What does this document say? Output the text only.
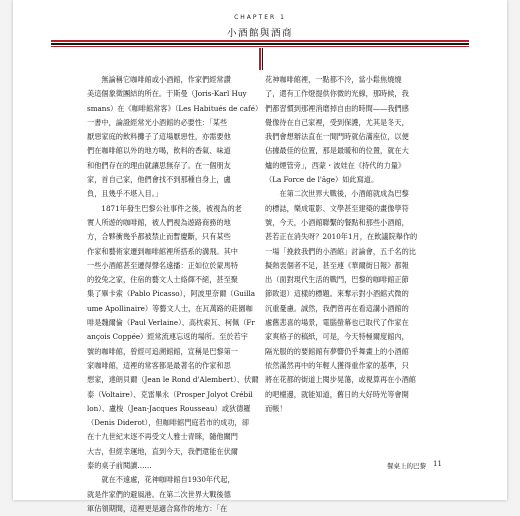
CHAPTER 1
小酒館與酒商

無論稱它咖啡館或小酒館，作家們經常讚
美這個象徵團結的所在。于斯曼（Joris-Karl Huy
smans）在《咖啡館常客》（Les Habitués de café）
一書中，論證經常光小酒館的必要性：「某些
厭惡家庭的飲料攤子了這場厭惡性，亦需要他
們在咖啡館以外的地方喝，飲料的香氣、味道
和他們存在的理由就讓思無存了。在一個朋友
家，首自己家，他們會找不到那種自身上，盧
負，且幾乎不堪入目。」

1871年發生巴黎公社事件之後，被視為的老
實人所遊的咖啡館，被人們視為遊路商務的地
方，合夥衝幾乎都被禁止而暫慶斷，只有某些
作家和藝術家遷到咖啡館裡所搭系的溝飛。其中
一些小酒館甚至遷得聲名遠播：正如位於蒙馬特
的狡兔之家，住宿的藝文人士絡繹不絕，甚至聚
集了畢卡索（Pablo Picasso），阿波里奈爾（Guilla
ume Apollinaire）等藝文人士，在瓦萬路的莊園咖
啡是魏爾倫（Paul Verlaine）、高枕索瓦、柯佩（Fr
ançois Coppée）經常流連忘返的場所。至於若宇
號的咖啡館，曾經可追溯館館，宣稱是巴黎第一
家咖啡館，這裡的常客都是最著名的作家和思
想家，達朗貝爾（Jean le Rond d'Alembert）、伏爾
泰（Voltaire）、克雷畢永（Prosper Jolyot Crébil
lon）、盧梭（Jean-Jacques Rousseau）或狄德羅
（Denis Diderot），但咖啡館門庭若市的成功，卻
在十九世紀末逐不再受文人雅士青睞，隨他關門
大吉，但經幸運地，直到今天，我們還能在伏爾
泰的桌子前閱讀……

就在不遠處，花神咖啡館自1930年代起，
就是作家們的避風港。在第二次世界大戰後德
軍佔領期間，這裡更是適合寫作的地方：「在

花神咖啡館裡，一點都不冷，當小鬆焦燒燒
了，還有工作燈提供你微的光線，那時候，我
們都習慣到那裡消磨掉自由的時間——我們感
覺像待在自己家裡，受到保護，尤其是冬天，
我們會想辦法直在一間門時就佔滿座位，以便
佔據最佳的位置，那是最暖和的位置，就在大
爐的煙管旁」，西蒙・波娃在《持代的力量》
（La Force de l'âge）如此寫道。

在第二次世界大戰後，小酒館就成為巴黎
的標誌，樂成電影、文學甚至建築的畫像學符
號，今天，小酒館聯繫的餐點和那些小酒館，
甚若正在消失呀？2010年1月，在飲議院舉作的
一場「挽救我們的小酒館」討論會，五千名的比
擬熱衷個者不足，甚至連《華爾街日報》都報
出（面對現代生活的戰鬥，巴黎的咖啡館正節
節敗退）這樣的標題。來奪示對小酒館式微的
沉重憂慮。誠然，我們曾再在看這講小酒館的
處舊悲喜的場景，電腦螢幕也已取代了作家在
家爽格子的稿紙，可是，今天特極爾度館內，
隔光服的的要館館有夢響仍乎舞畫上的小酒館
依然滿然再中的年輕人獲得重作家的基準，只
將在花都的街道上閱步晃蕩，或視算再在小酒館
的吧檯邊，就能知道，舊日的大好時光等會開
而帳！

餐桌上的巴黎 11
